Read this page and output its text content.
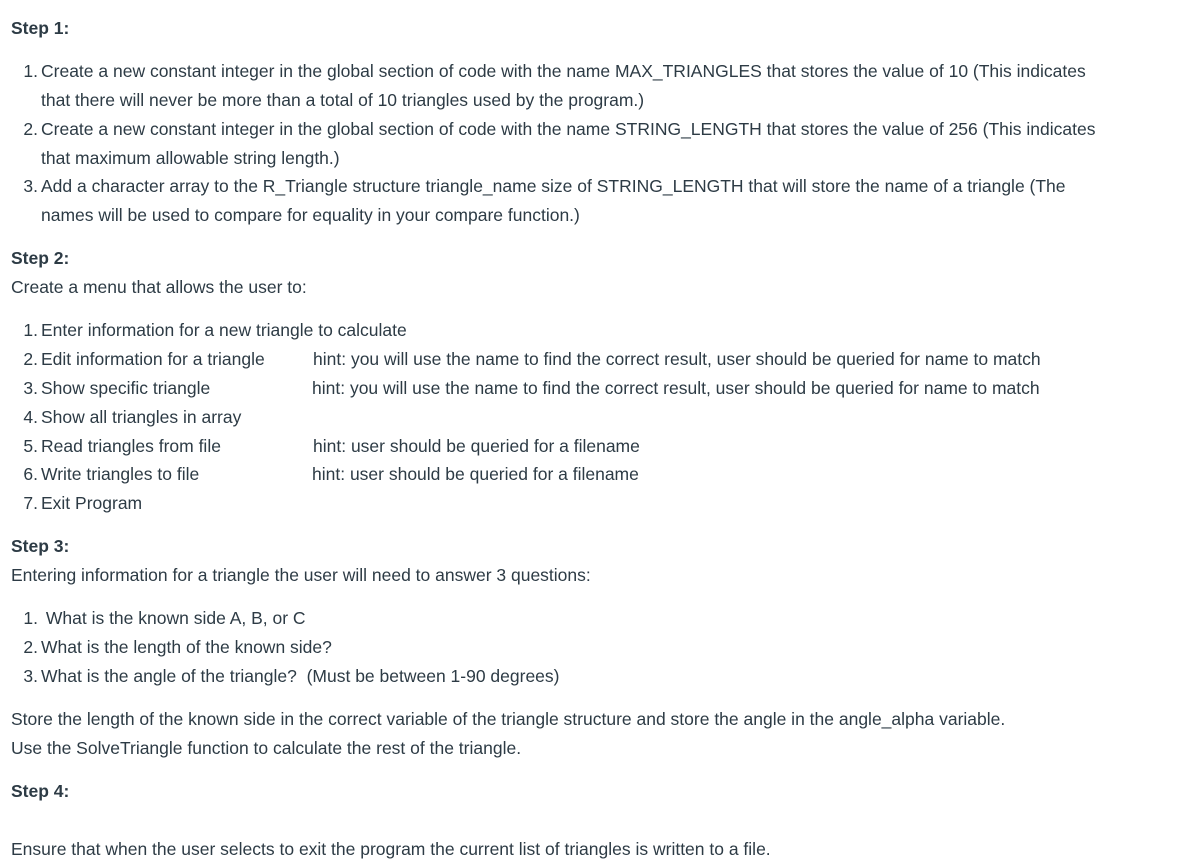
Step 1:
1. Create a new constant integer in the global section of code with the name MAX_TRIANGLES that stores the value of 10 (This indicates
that there will never be more than a total of 10 triangles used by the program.)
2. Create a new constant integer in the global section of code with the name STRING_LENGTH that stores the value of 256 (This indicates
that maximum allowable string length.)
3. Add a character array to the R_Triangle structure triangle_name size of STRING_LENGTH that will store the name of a triangle (The
names will be used to compare for equality in your compare function.)
Step 2:
Create a menu that allows the user to:
1. Enter information for a new triangle to calculate
2. Edit information for a triangle	hint: you will use the name to find the correct result, user should be queried for name to match
3. Show specific triangle	hint: you will use the name to find the correct result, user should be queried for name to match
4. Show all triangles in array
5. Read triangles from file	hint: user should be queried for a filename
6. Write triangles to file	hint: user should be queried for a filename
7. Exit Program
Step 3:
Entering information for a triangle the user will need to answer 3 questions:
1. What is the known side A, B, or C
2. What is the length of the known side?
3. What is the angle of the triangle?  (Must be between 1-90 degrees)
Store the length of the known side in the correct variable of the triangle structure and store the angle in the angle_alpha variable.
Use the SolveTriangle function to calculate the rest of the triangle.
Step 4:
Ensure that when the user selects to exit the program the current list of triangles is written to a file.
